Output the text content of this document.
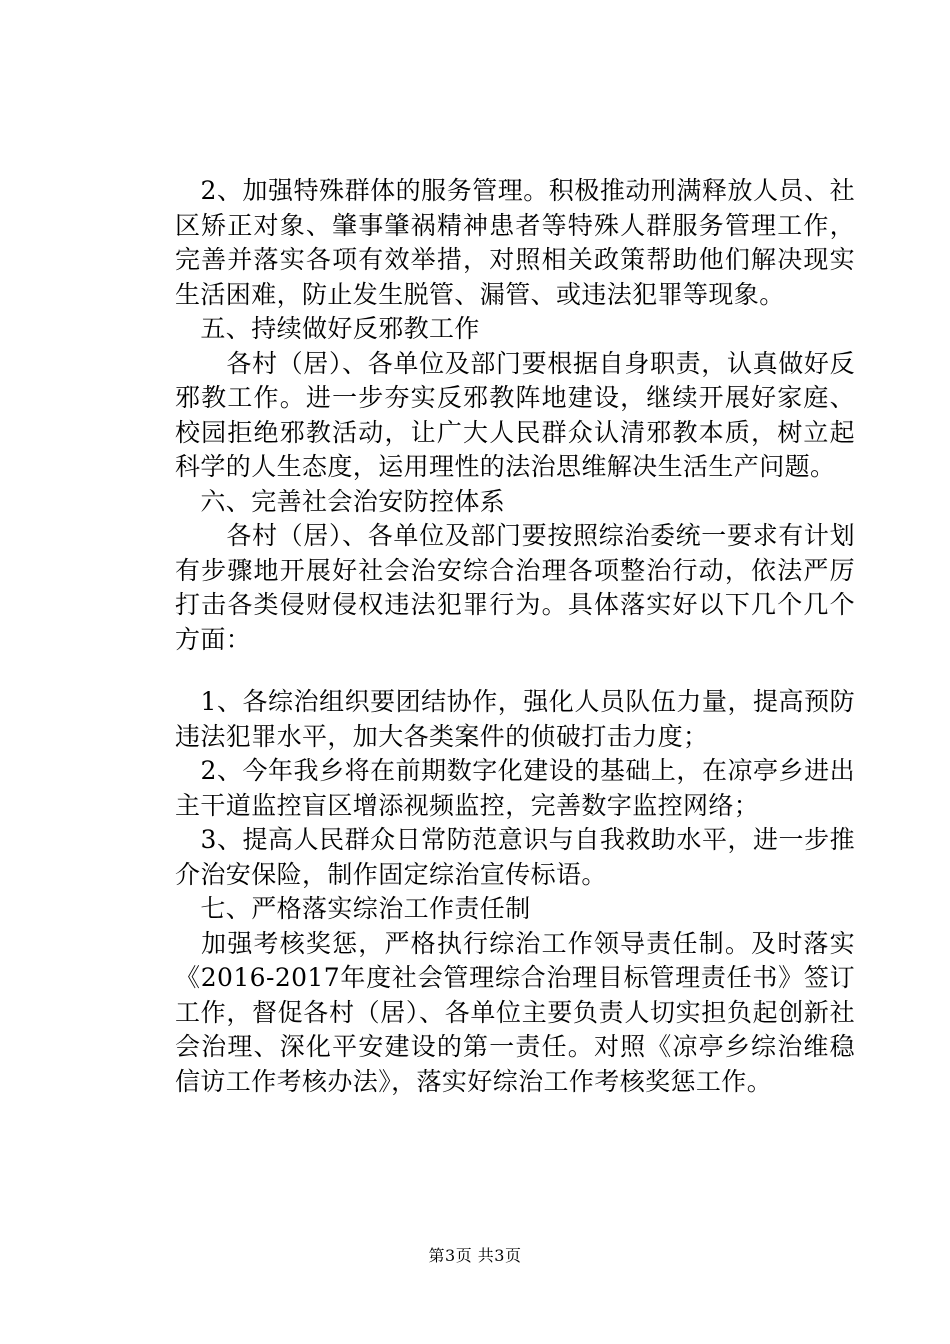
　2、加强特殊群体的服务管理。积极推动刑满释放人员、社区矫正对象、肇事肇祸精神患者等特殊人群服务管理工作，完善并落实各项有效举措，对照相关政策帮助他们解决现实生活困难，防止发生脱管、漏管、或违法犯罪等现象。

　五、持续做好反邪教工作

　　各村（居）、各单位及部门要根据自身职责，认真做好反邪教工作。进一步夯实反邪教阵地建设，继续开展好家庭、校园拒绝邪教活动，让广大人民群众认清邪教本质，树立起科学的人生态度，运用理性的法治思维解决生活生产问题。

　六、完善社会治安防控体系

　　各村（居）、各单位及部门要按照综治委统一要求有计划有步骤地开展好社会治安综合治理各项整治行动，依法严厉打击各类侵财侵权违法犯罪行为。具体落实好以下几个几个方面：

　1、各综治组织要团结协作，强化人员队伍力量，提高预防违法犯罪水平，加大各类案件的侦破打击力度；

　2、今年我乡将在前期数字化建设的基础上，在凉亭乡进出主干道监控盲区增添视频监控，完善数字监控网络；

　3、提高人民群众日常防范意识与自我救助水平，进一步推介治安保险，制作固定综治宣传标语。

　七、严格落实综治工作责任制

　加强考核奖惩，严格执行综治工作领导责任制。及时落实《2016-2017年度社会管理综合治理目标管理责任书》签订工作，督促各村（居）、各单位主要负责人切实担负起创新社会治理、深化平安建设的第一责任。对照《凉亭乡综治维稳信访工作考核办法》，落实好综治工作考核奖惩工作。

第3页 共3页
